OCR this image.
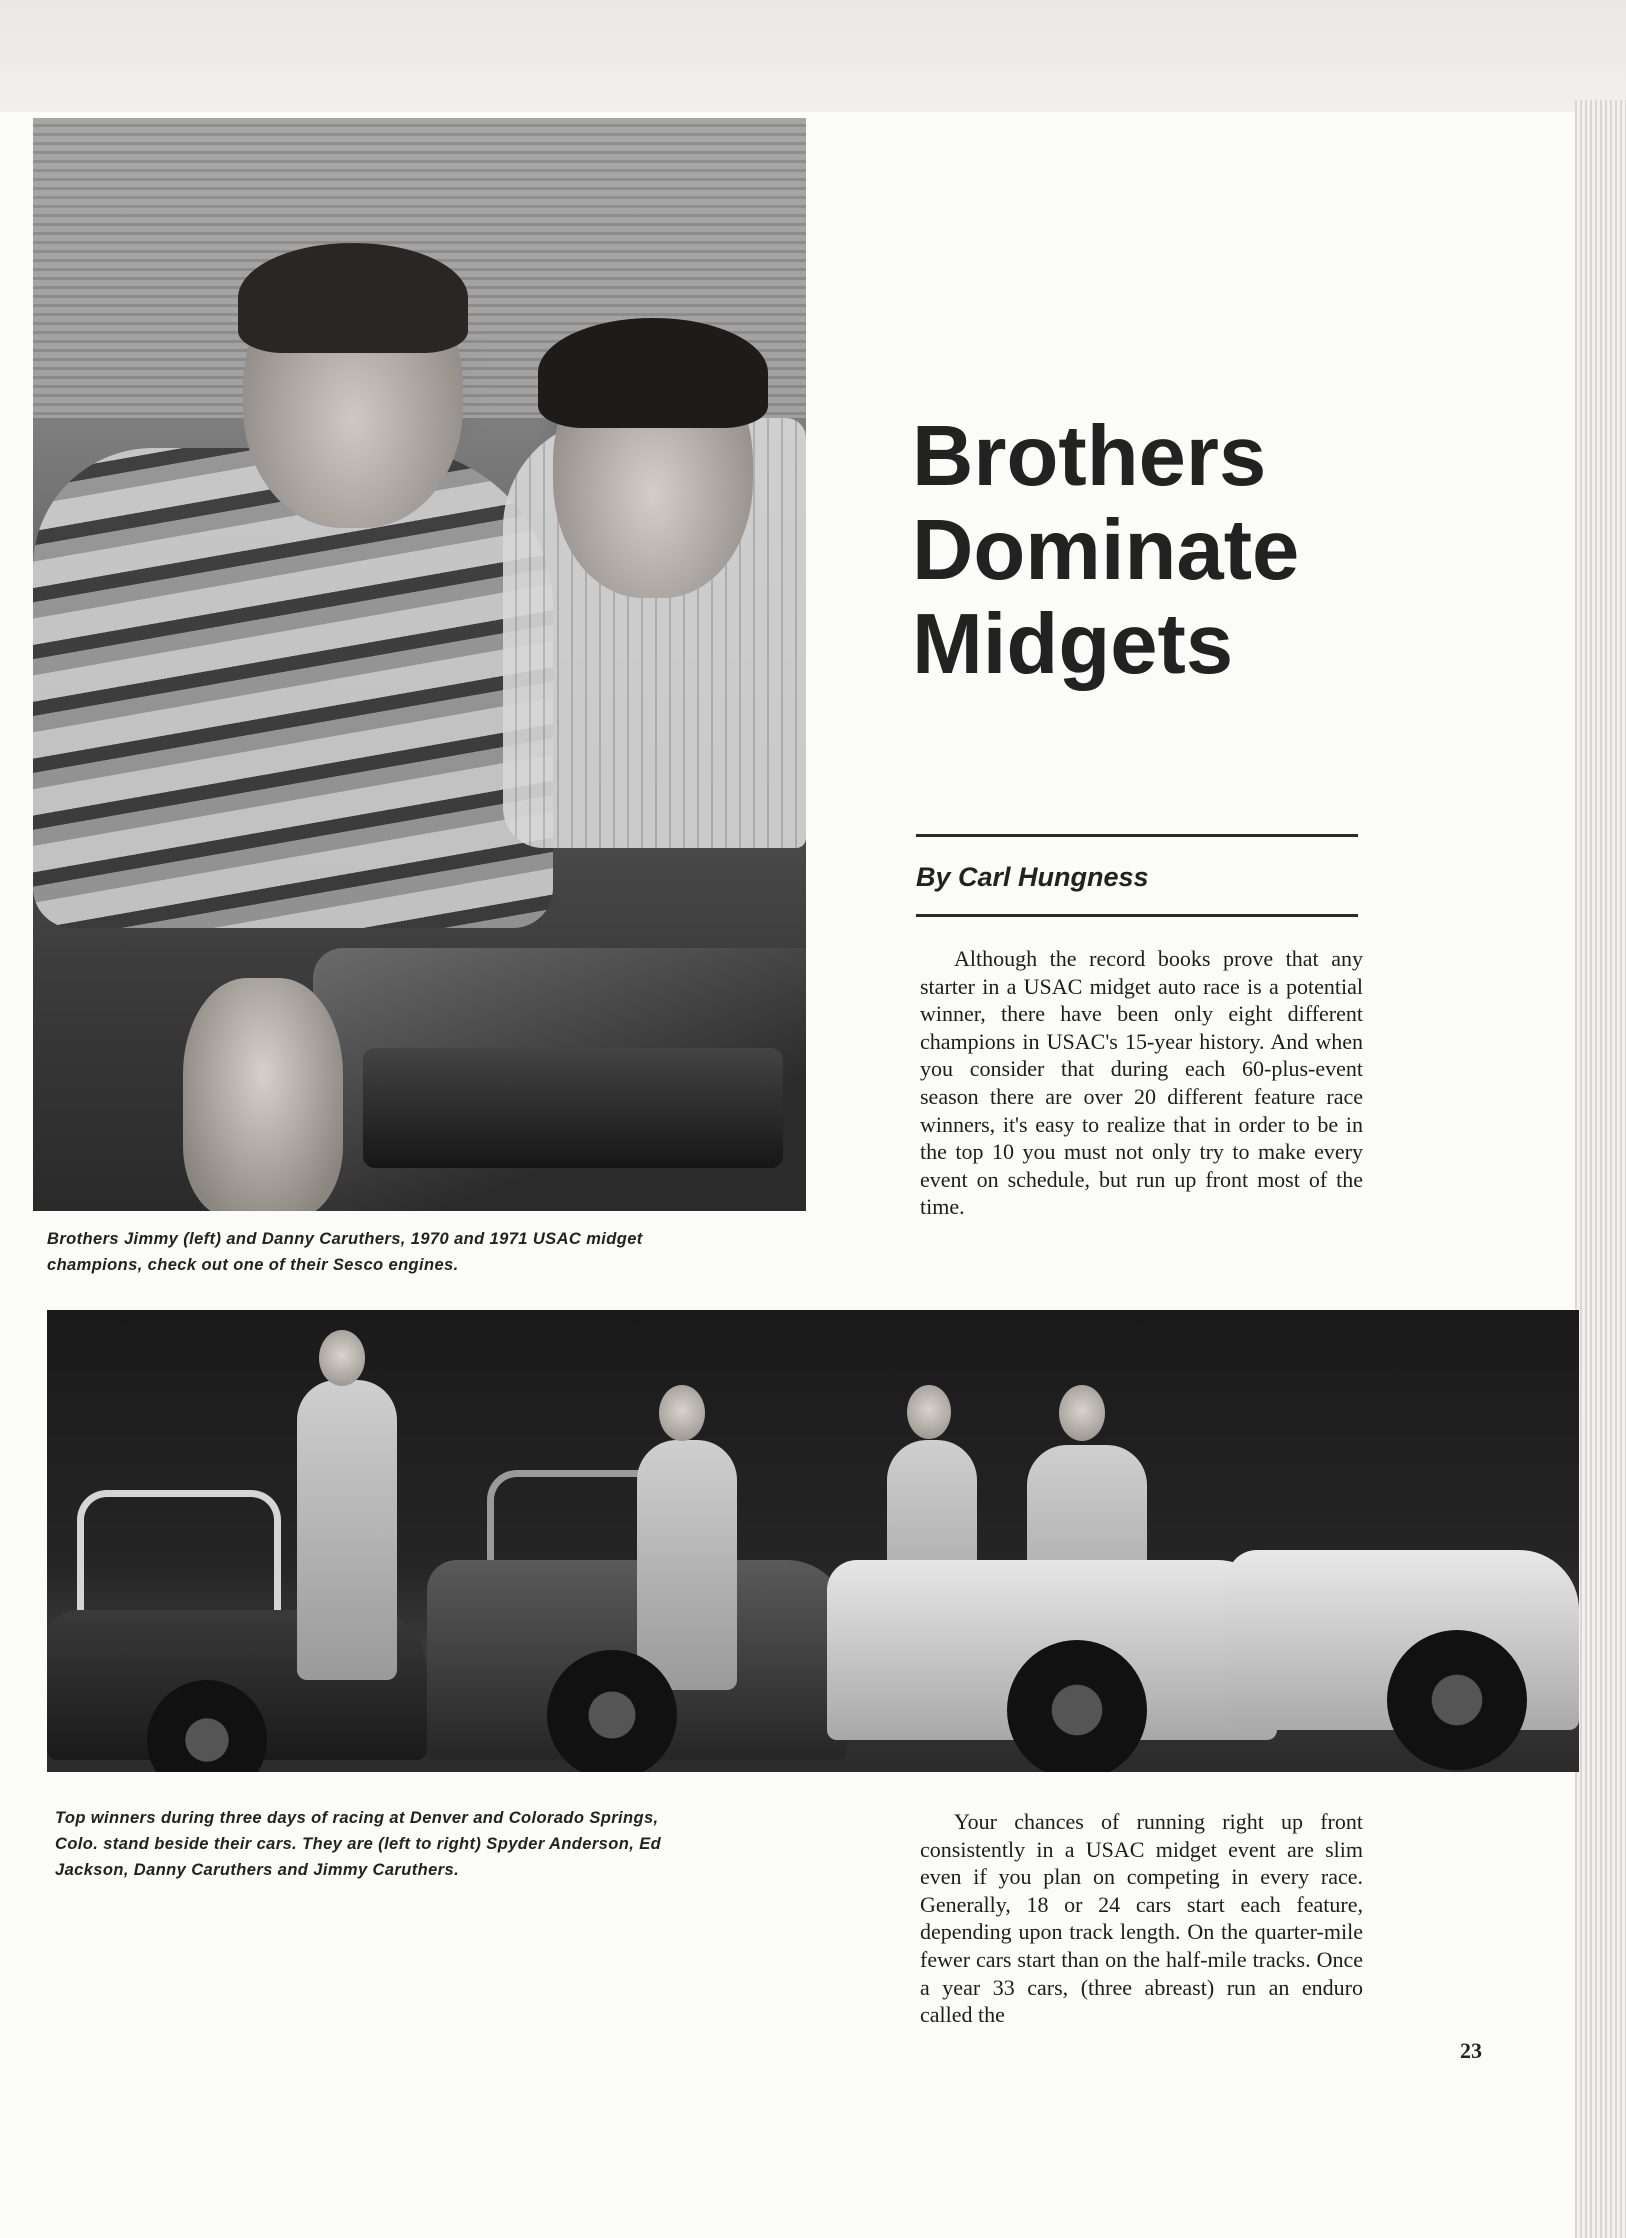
Brothers Jimmy (left) and Danny Caruthers, 1970 and 1971 USAC midget champions, check out one of their Sesco engines.
Brothers Dominate Midgets
By Carl Hungness

Although the record books prove that any starter in a USAC midget auto race is a potential winner, there have been only eight different champions in USAC's 15-year history. And when you consider that during each 60-plus-event season there are over 20 different feature race winners, it's easy to realize that in order to be in the top 10 you must not only try to make every event on schedule, but run up front most of the time.

Top winners during three days of racing at Denver and Colorado Springs, Colo. stand beside their cars. They are (left to right) Spyder Anderson, Ed Jackson, Danny Caruthers and Jimmy Caruthers.

Your chances of running right up front consistently in a USAC midget event are slim even if you plan on competing in every race. Generally, 18 or 24 cars start each feature, depending upon track length. On the quarter-mile fewer cars start than on the half-mile tracks. Once a year 33 cars, (three abreast) run an enduro called the

23
